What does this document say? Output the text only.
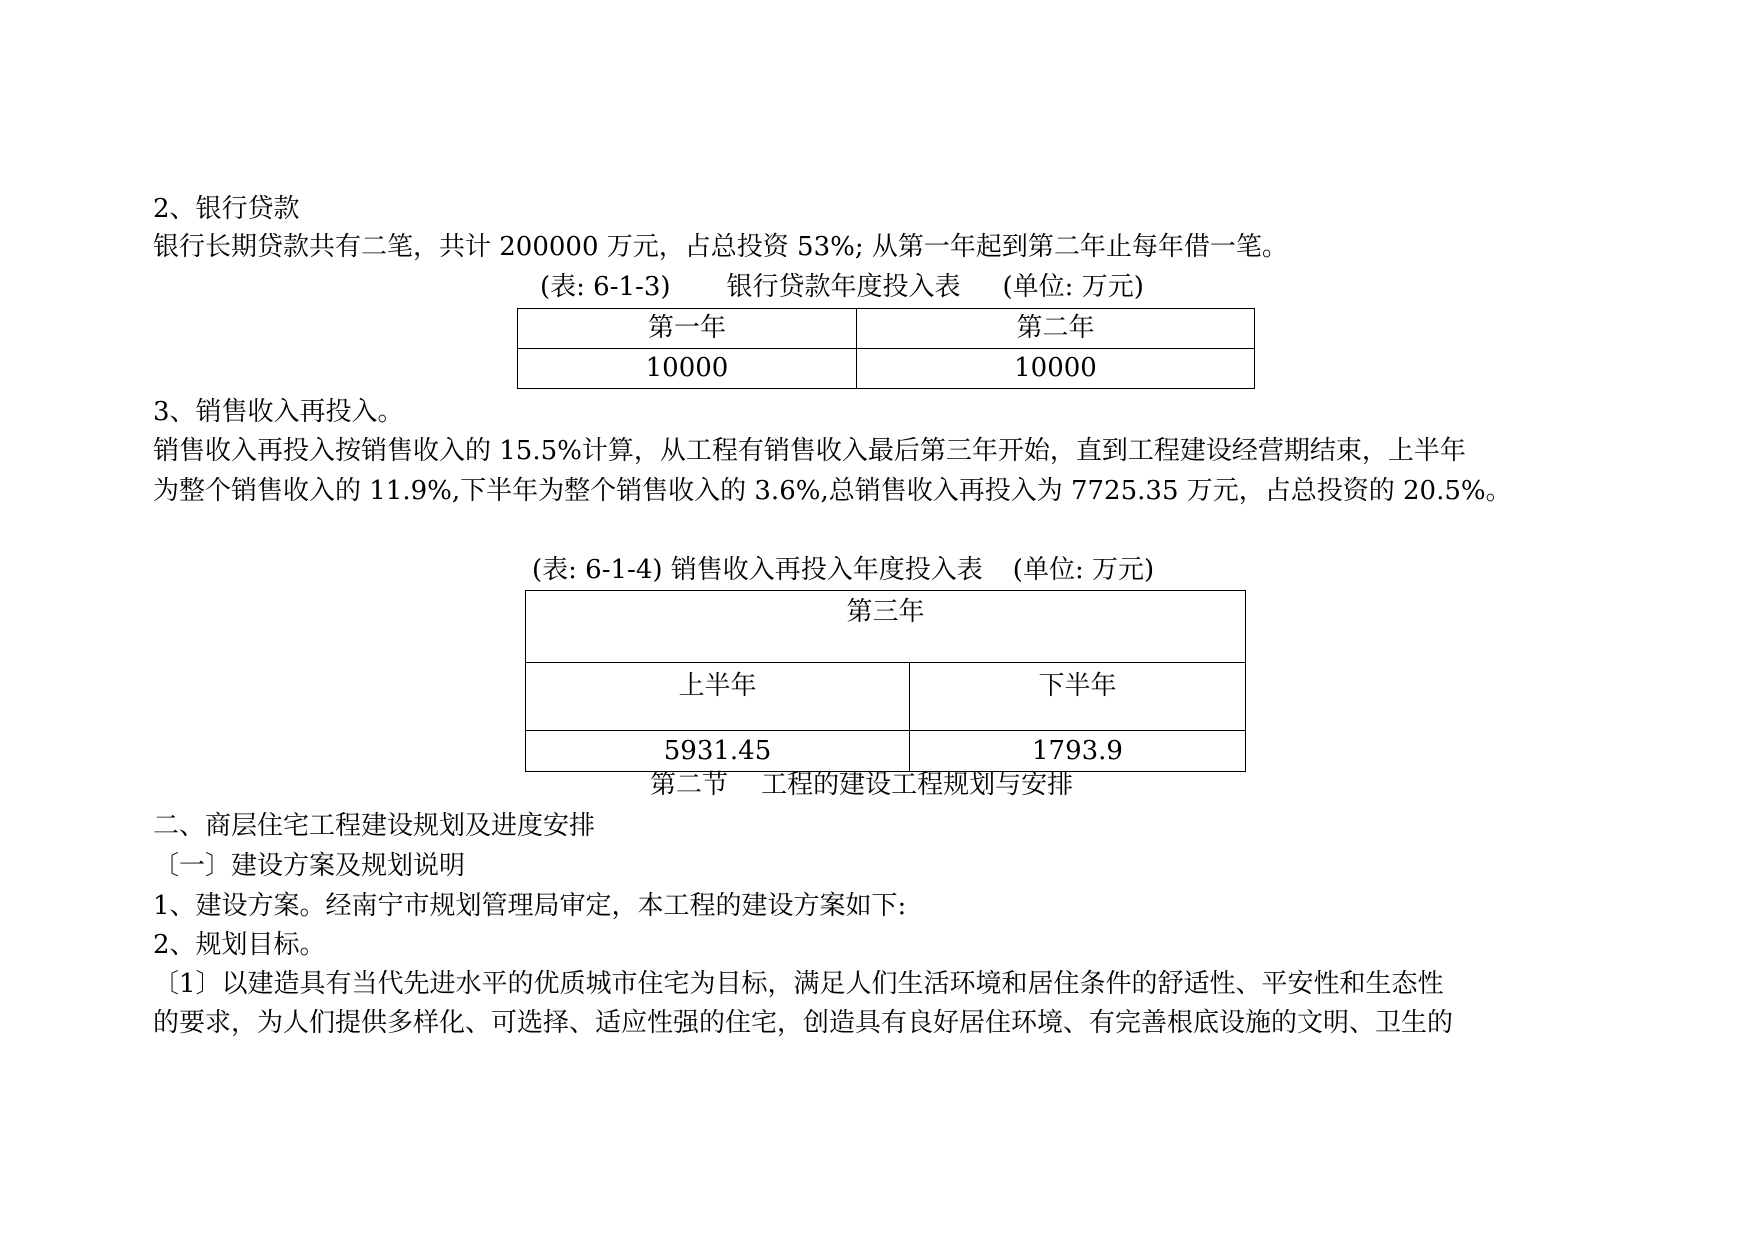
2、银行贷款
银行长期贷款共有二笔，共计 200000 万元，占总投资 53%; 从第一年起到第二年止每年借一笔。
(表: 6-1-3) 银行贷款年度投入表 (单位: 万元)
第一年	第二年
10000	10000
3、销售收入再投入。
销售收入再投入按销售收入的 15.5%计算，从工程有销售收入最后第三年开始，直到工程建设经营期结束，上半年
为整个销售收入的 11.9%,下半年为整个销售收入的 3.6%,总销售收入再投入为 7725.35 万元，占总投资的 20.5%。
(表: 6-1-4) 销售收入再投入年度投入表 (单位: 万元)
第三年	
上半年	下半年
5931.45	1793.9
第二节 工程的建设工程规划与安排
二、商层住宅工程建设规划及进度安排
〔一〕建设方案及规划说明
1、建设方案。经南宁市规划管理局审定，本工程的建设方案如下:
2、规划目标。
〔1〕以建造具有当代先进水平的优质城市住宅为目标，满足人们生活环境和居住条件的舒适性、平安性和生态性
的要求，为人们提供多样化、可选择、适应性强的住宅，创造具有良好居住环境、有完善根底设施的文明、卫生的
